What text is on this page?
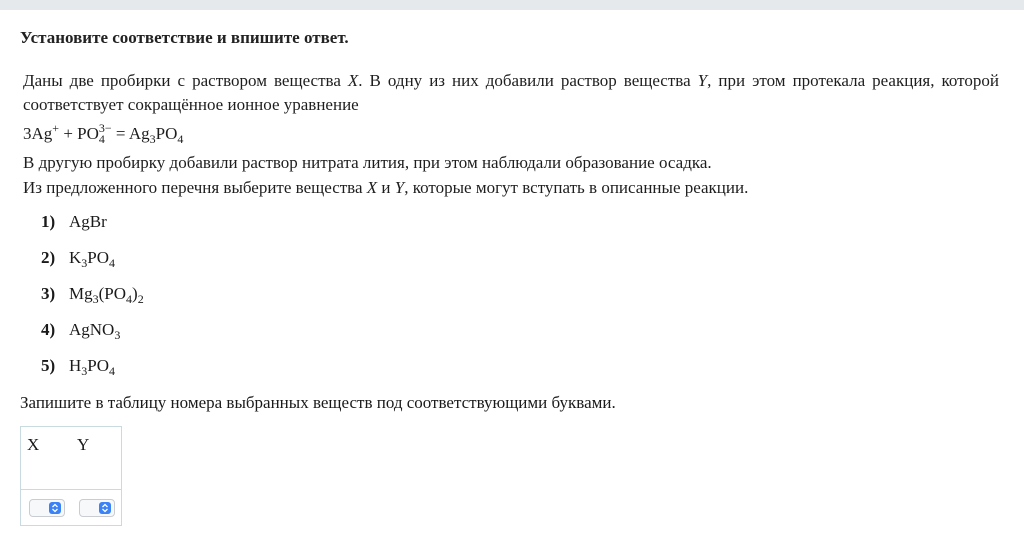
Установите соответствие и впишите ответ.
Даны две пробирки с раствором вещества X. В одну из них добавили раствор вещества Y, при этом протекала реакция, которой соответствует сокращённое ионное уравнение
$3Ag^+ + PO_4^{3-} = Ag_3PO_4$
В другую пробирку добавили раствор нитрата лития, при этом наблюдали образование осадка.
Из предложенного перечня выберите вещества X и Y, которые могут вступать в описанные реакции.
1) AgBr
2) $K_3PO_4$
3) $Mg_3(PO_4)_2$
4) AgNO$_3$
5) $H_3PO_4$
Запишите в таблицу номера выбранных веществ под соответствующими буквами.
X Y
